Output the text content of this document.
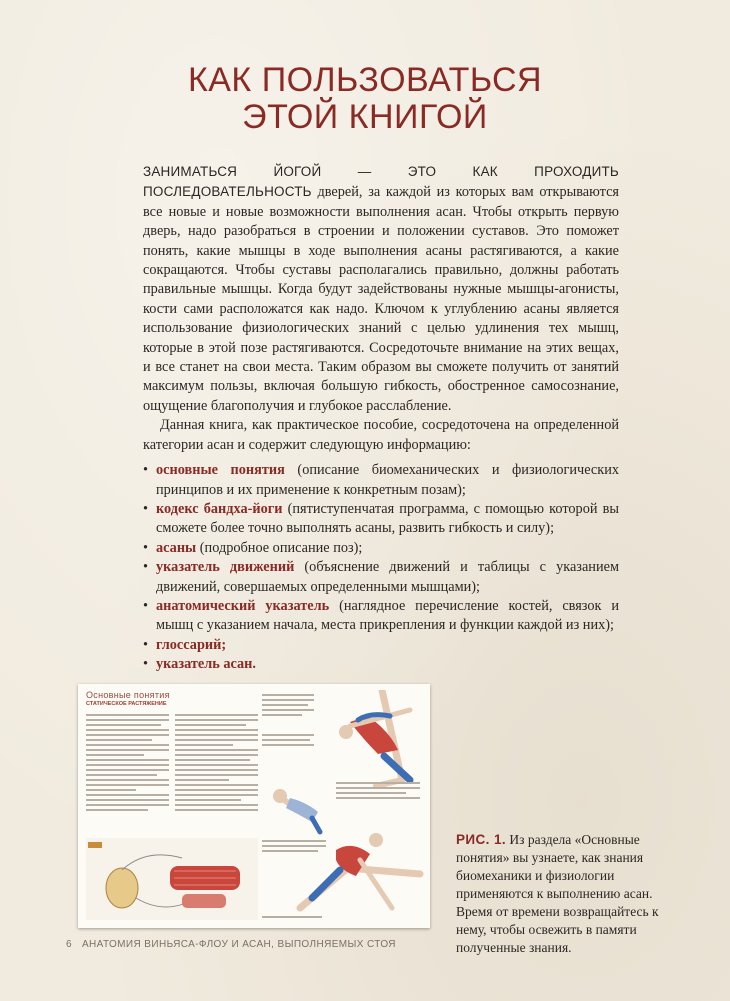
КАК ПОЛЬЗОВАТЬСЯ
ЭТОЙ КНИГОЙ

ЗАНИМАТЬСЯ ЙОГОЙ — ЭТО КАК ПРОХОДИТЬ ПОСЛЕДОВАТЕЛЬНОСТЬ дверей, за каждой из которых вам открываются все новые и новые возможности выполнения асан. Чтобы открыть первую дверь, надо разобраться в строении и положении суставов. Это поможет понять, какие мышцы в ходе выполнения асаны растягиваются, а какие сокращаются. Чтобы суставы располагались правильно, должны работать правильные мышцы. Когда будут задействованы нужные мышцы-агонисты, кости сами расположатся как надо. Ключом к углублению асаны является использование физиологических знаний с целью удлинения тех мышц, которые в этой позе растягиваются. Сосредоточьте внимание на этих вещах, и все станет на свои места. Таким образом вы сможете получить от занятий максимум пользы, включая большую гибкость, обостренное самосознание, ощущение благополучия и глубокое расслабление.

Данная книга, как практическое пособие, сосредоточена на определенной категории асан и содержит следующую информацию:

• основные понятия (описание биомеханических и физиологических принципов и их применение к конкретным позам);
• кодекс бандха-йоги (пятиступенчатая программа, с помощью которой вы сможете более точно выполнять асаны, развить гибкость и силу);
• асаны (подробное описание поз);
• указатель движений (объяснение движений и таблицы с указанием движений, совершаемых определенными мышцами);
• анатомический указатель (наглядное перечисление костей, связок и мышц с указанием начала, места прикрепления и функции каждой из них);
• глоссарий;
• указатель асан.
Основные понятия
СТАТИЧЕСКОЕ РАСТЯЖЕНИЕ
РИС. 1. Из раздела «Основные понятия» вы узнаете, как знания биомеханики и физиологии применяются к выполнению асан. Время от времени возвращайтесь к нему, чтобы освежить в памяти полученные знания.
6 АНАТОМИЯ ВИНЬЯСА-ФЛОУ И АСАН, ВЫПОЛНЯЕМЫХ СТОЯ
